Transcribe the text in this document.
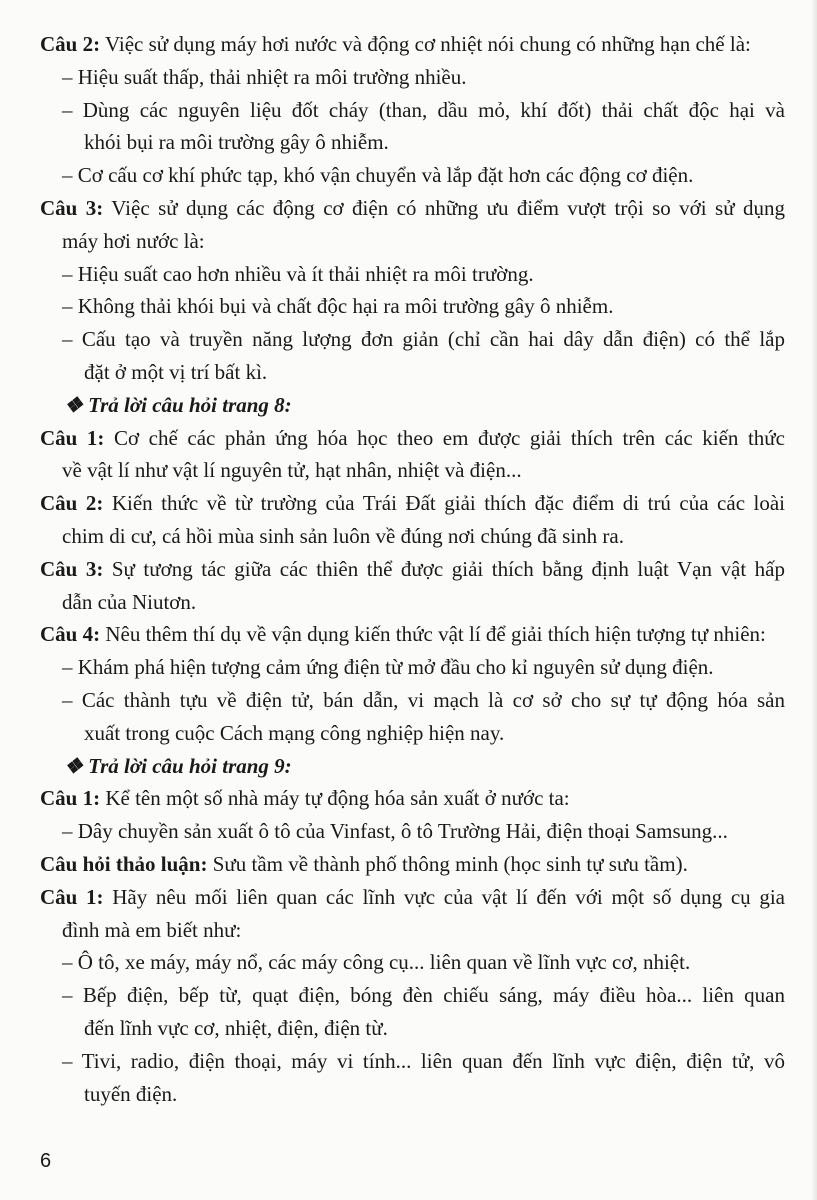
Câu 2: Việc sử dụng máy hơi nước và động cơ nhiệt nói chung có những hạn chế là:
– Hiệu suất thấp, thải nhiệt ra môi trường nhiều.
– Dùng các nguyên liệu đốt cháy (than, dầu mỏ, khí đốt) thải chất độc hại và
khói bụi ra môi trường gây ô nhiễm.
– Cơ cấu cơ khí phức tạp, khó vận chuyển và lắp đặt hơn các động cơ điện.
Câu 3: Việc sử dụng các động cơ điện có những ưu điểm vượt trội so với sử dụng
máy hơi nước là:
– Hiệu suất cao hơn nhiều và ít thải nhiệt ra môi trường.
– Không thải khói bụi và chất độc hại ra môi trường gây ô nhiễm.
– Cấu tạo và truyền năng lượng đơn giản (chỉ cần hai dây dẫn điện) có thể lắp
đặt ở một vị trí bất kì.
❖ Trả lời câu hỏi trang 8:
Câu 1: Cơ chế các phản ứng hóa học theo em được giải thích trên các kiến thức
về vật lí như vật lí nguyên tử, hạt nhân, nhiệt và điện...
Câu 2: Kiến thức về từ trường của Trái Đất giải thích đặc điểm di trú của các loài
chim di cư, cá hồi mùa sinh sản luôn về đúng nơi chúng đã sinh ra.
Câu 3: Sự tương tác giữa các thiên thể được giải thích bằng định luật Vạn vật hấp
dẫn của Niutơn.
Câu 4: Nêu thêm thí dụ về vận dụng kiến thức vật lí để giải thích hiện tượng tự nhiên:
– Khám phá hiện tượng cảm ứng điện từ mở đầu cho kỉ nguyên sử dụng điện.
– Các thành tựu về điện tử, bán dẫn, vi mạch là cơ sở cho sự tự động hóa sản
xuất trong cuộc Cách mạng công nghiệp hiện nay.
❖ Trả lời câu hỏi trang 9:
Câu 1: Kể tên một số nhà máy tự động hóa sản xuất ở nước ta:
– Dây chuyền sản xuất ô tô của Vinfast, ô tô Trường Hải, điện thoại Samsung...
Câu hỏi thảo luận: Sưu tầm về thành phố thông minh (học sinh tự sưu tầm).
Câu 1: Hãy nêu mối liên quan các lĩnh vực của vật lí đến với một số dụng cụ gia
đình mà em biết như:
– Ô tô, xe máy, máy nổ, các máy công cụ... liên quan về lĩnh vực cơ, nhiệt.
– Bếp điện, bếp từ, quạt điện, bóng đèn chiếu sáng, máy điều hòa... liên quan
đến lĩnh vực cơ, nhiệt, điện, điện từ.
– Tivi, radio, điện thoại, máy vi tính... liên quan đến lĩnh vực điện, điện tử, vô
tuyến điện.
6
